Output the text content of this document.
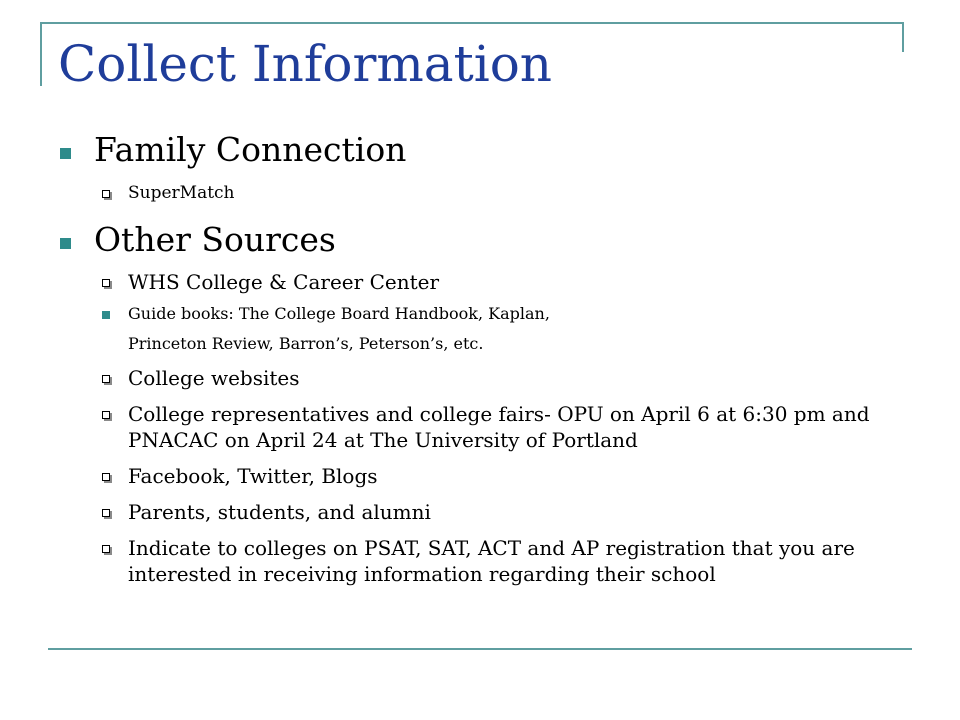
Collect Information
Family Connection
SuperMatch
Other Sources
WHS College & Career Center
Guide books: The College Board Handbook, Kaplan,
Princeton Review, Barron’s, Peterson’s, etc.
College websites
College representatives and college fairs- OPU on April 6 at 6:30 pm and PNACAC on April 24 at The University of Portland
Facebook, Twitter, Blogs
Parents, students, and alumni
Indicate to colleges on PSAT, SAT, ACT and AP registration that you are interested in receiving information regarding their school
